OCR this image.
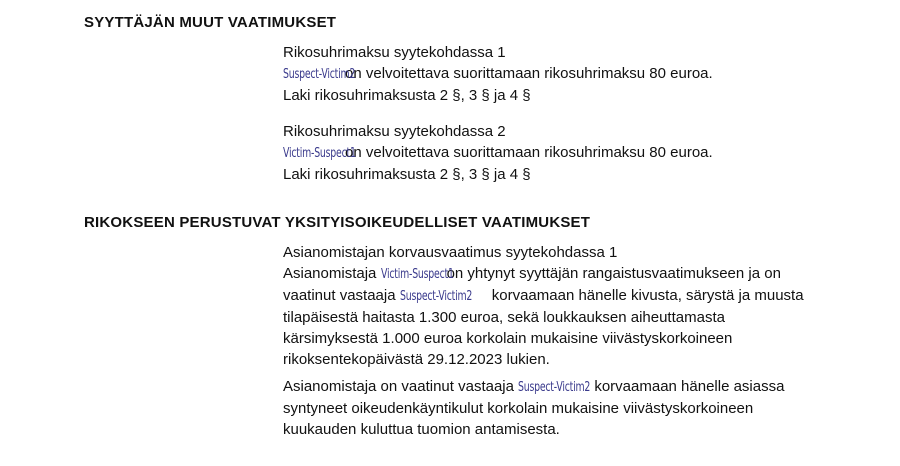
SYYTTÄJÄN MUUT VAATIMUKSET
Rikosuhrimaksu syytekohdassa 1
Suspect-Victim2on velvoitettava suorittamaan rikosuhrimaksu 80 euroa.
Laki rikosuhrimaksusta 2 §, 3 § ja 4 §
Rikosuhrimaksu syytekohdassa 2
Victim-Suspect1on velvoitettava suorittamaan rikosuhrimaksu 80 euroa.
Laki rikosuhrimaksusta 2 §, 3 § ja 4 §
RIKOKSEEN PERUSTUVAT YKSITYISOIKEUDELLISET VAATIMUKSET
Asianomistajan korvausvaatimus syytekohdassa 1
Asianomistaja Victim-Suspect1on yhtynyt syyttäjän rangaistusvaatimukseen ja on
vaatinut vastaaja Suspect-Victim2 korvaamaan hänelle kivusta, särystä ja muusta
tilapäisestä haitasta 1.300 euroa, sekä loukkauksen aiheuttamasta
kärsimyksestä 1.000 euroa korkolain mukaisine viivästyskorkoineen
rikoksentekopäivästä 29.12.2023 lukien.
Asianomistaja on vaatinut vastaaja Suspect-Victim2 korvaamaan hänelle asiassa
syntyneet oikeudenkäyntikulut korkolain mukaisine viivästyskorkoineen
kuukauden kuluttua tuomion antamisesta.
